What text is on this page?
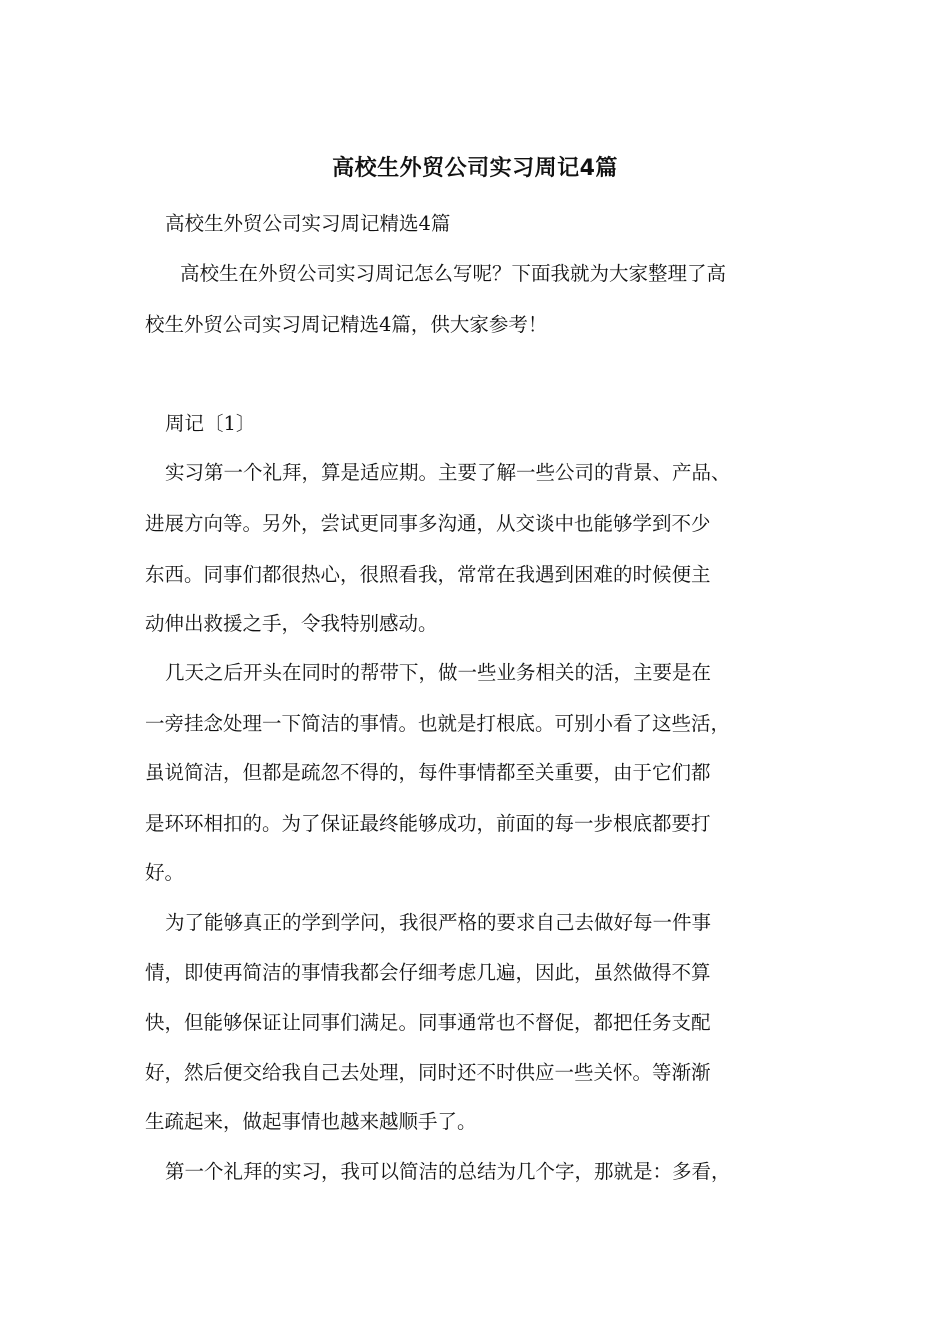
高校生外贸公司实习周记4篇
高校生外贸公司实习周记精选4篇
高校生在外贸公司实习周记怎么写呢？下面我就为大家整理了高
校生外贸公司实习周记精选4篇，供大家参考！
周记〔1〕
实习第一个礼拜，算是适应期。主要了解一些公司的背景、产品、
进展方向等。另外，尝试更同事多沟通，从交谈中也能够学到不少
东西。同事们都很热心，很照看我，常常在我遇到困难的时候便主
动伸出救援之手，令我特别感动。
几天之后开头在同时的帮带下，做一些业务相关的活，主要是在
一旁挂念处理一下简洁的事情。也就是打根底。可别小看了这些活，
虽说简洁，但都是疏忽不得的，每件事情都至关重要，由于它们都
是环环相扣的。为了保证最终能够成功，前面的每一步根底都要打
好。
为了能够真正的学到学问，我很严格的要求自己去做好每一件事
情，即使再简洁的事情我都会仔细考虑几遍，因此，虽然做得不算
快，但能够保证让同事们满足。同事通常也不督促，都把任务支配
好，然后便交给我自己去处理，同时还不时供应一些关怀。等渐渐
生疏起来，做起事情也越来越顺手了。
第一个礼拜的实习，我可以简洁的总结为几个字，那就是：多看，
